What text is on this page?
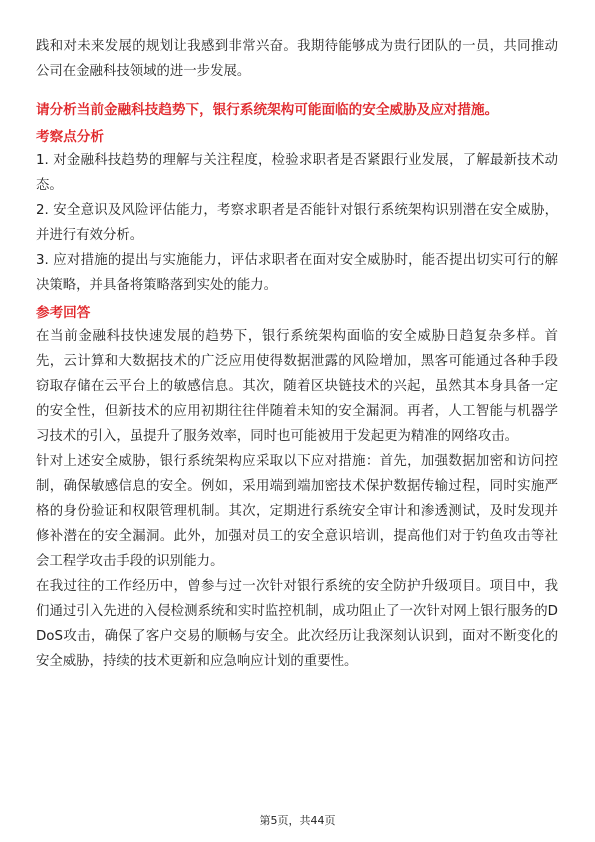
践和对未来发展的规划让我感到非常兴奋。我期待能够成为贵行团队的一员，共同推动公司在金融科技领域的进一步发展。

请分析当前金融科技趋势下，银行系统架构可能面临的安全威胁及应对措施。

考察点分析

1. 对金融科技趋势的理解与关注程度，检验求职者是否紧跟行业发展，了解最新技术动态。

2. 安全意识及风险评估能力，考察求职者是否能针对银行系统架构识别潜在安全威胁，并进行有效分析。

3. 应对措施的提出与实施能力，评估求职者在面对安全威胁时，能否提出切实可行的解决策略，并具备将策略落到实处的能力。

参考回答

在当前金融科技快速发展的趋势下，银行系统架构面临的安全威胁日趋复杂多样。首先，云计算和大数据技术的广泛应用使得数据泄露的风险增加，黑客可能通过各种手段窃取存储在云平台上的敏感信息。其次，随着区块链技术的兴起，虽然其本身具备一定的安全性，但新技术的应用初期往往伴随着未知的安全漏洞。再者，人工智能与机器学习技术的引入，虽提升了服务效率，同时也可能被用于发起更为精准的网络攻击。

针对上述安全威胁，银行系统架构应采取以下应对措施：首先，加强数据加密和访问控制，确保敏感信息的安全。例如，采用端到端加密技术保护数据传输过程，同时实施严格的身份验证和权限管理机制。其次，定期进行系统安全审计和渗透测试，及时发现并修补潜在的安全漏洞。此外，加强对员工的安全意识培训，提高他们对于钓鱼攻击等社会工程学攻击手段的识别能力。

在我过往的工作经历中，曾参与过一次针对银行系统的安全防护升级项目。项目中，我们通过引入先进的入侵检测系统和实时监控机制，成功阻止了一次针对网上银行服务的DDoS攻击，确保了客户交易的顺畅与安全。此次经历让我深刻认识到，面对不断变化的安全威胁，持续的技术更新和应急响应计划的重要性。

第5页，共44页
